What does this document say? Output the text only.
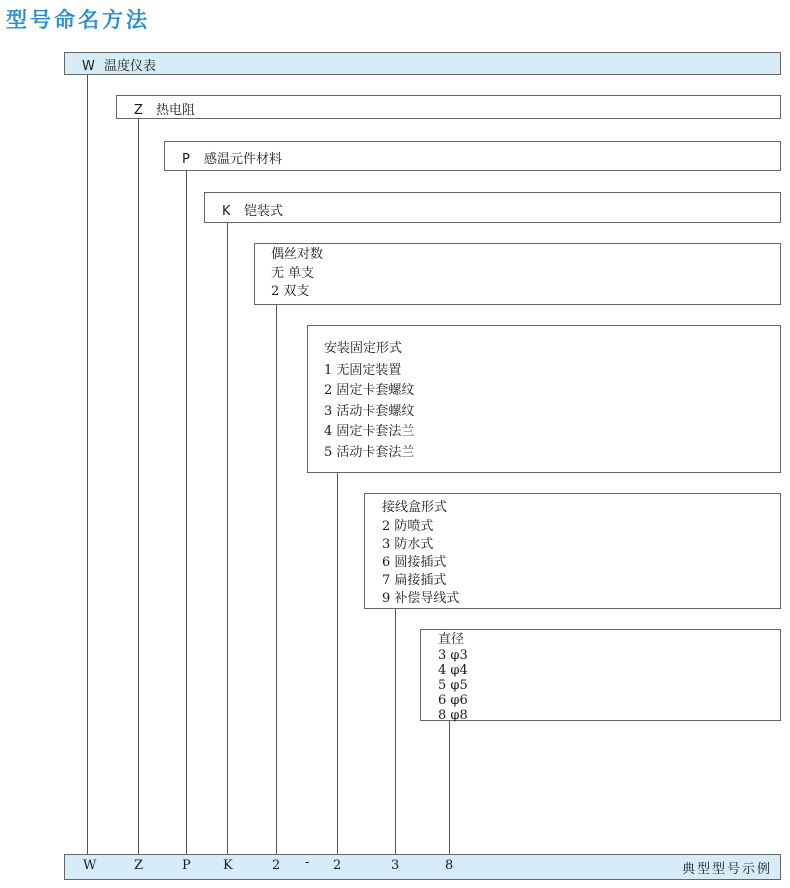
型号命名方法
W 温度仪表
Z 热电阻
P 感温元件材料
K 铠装式
偶丝对数
无 单支
2 双支
安装固定形式
1 无固定装置
2 固定卡套螺纹
3 活动卡套螺纹
4 固定卡套法兰
5 活动卡套法兰
接线盒形式
2 防喷式
3 防水式
6 圆接插式
7 扁接插式
9 补偿导线式
直径
3 φ3
4 φ4
5 φ5
6 φ6
8 φ8
W	Z	P K	2 - 2	3	8	典型型号示例
